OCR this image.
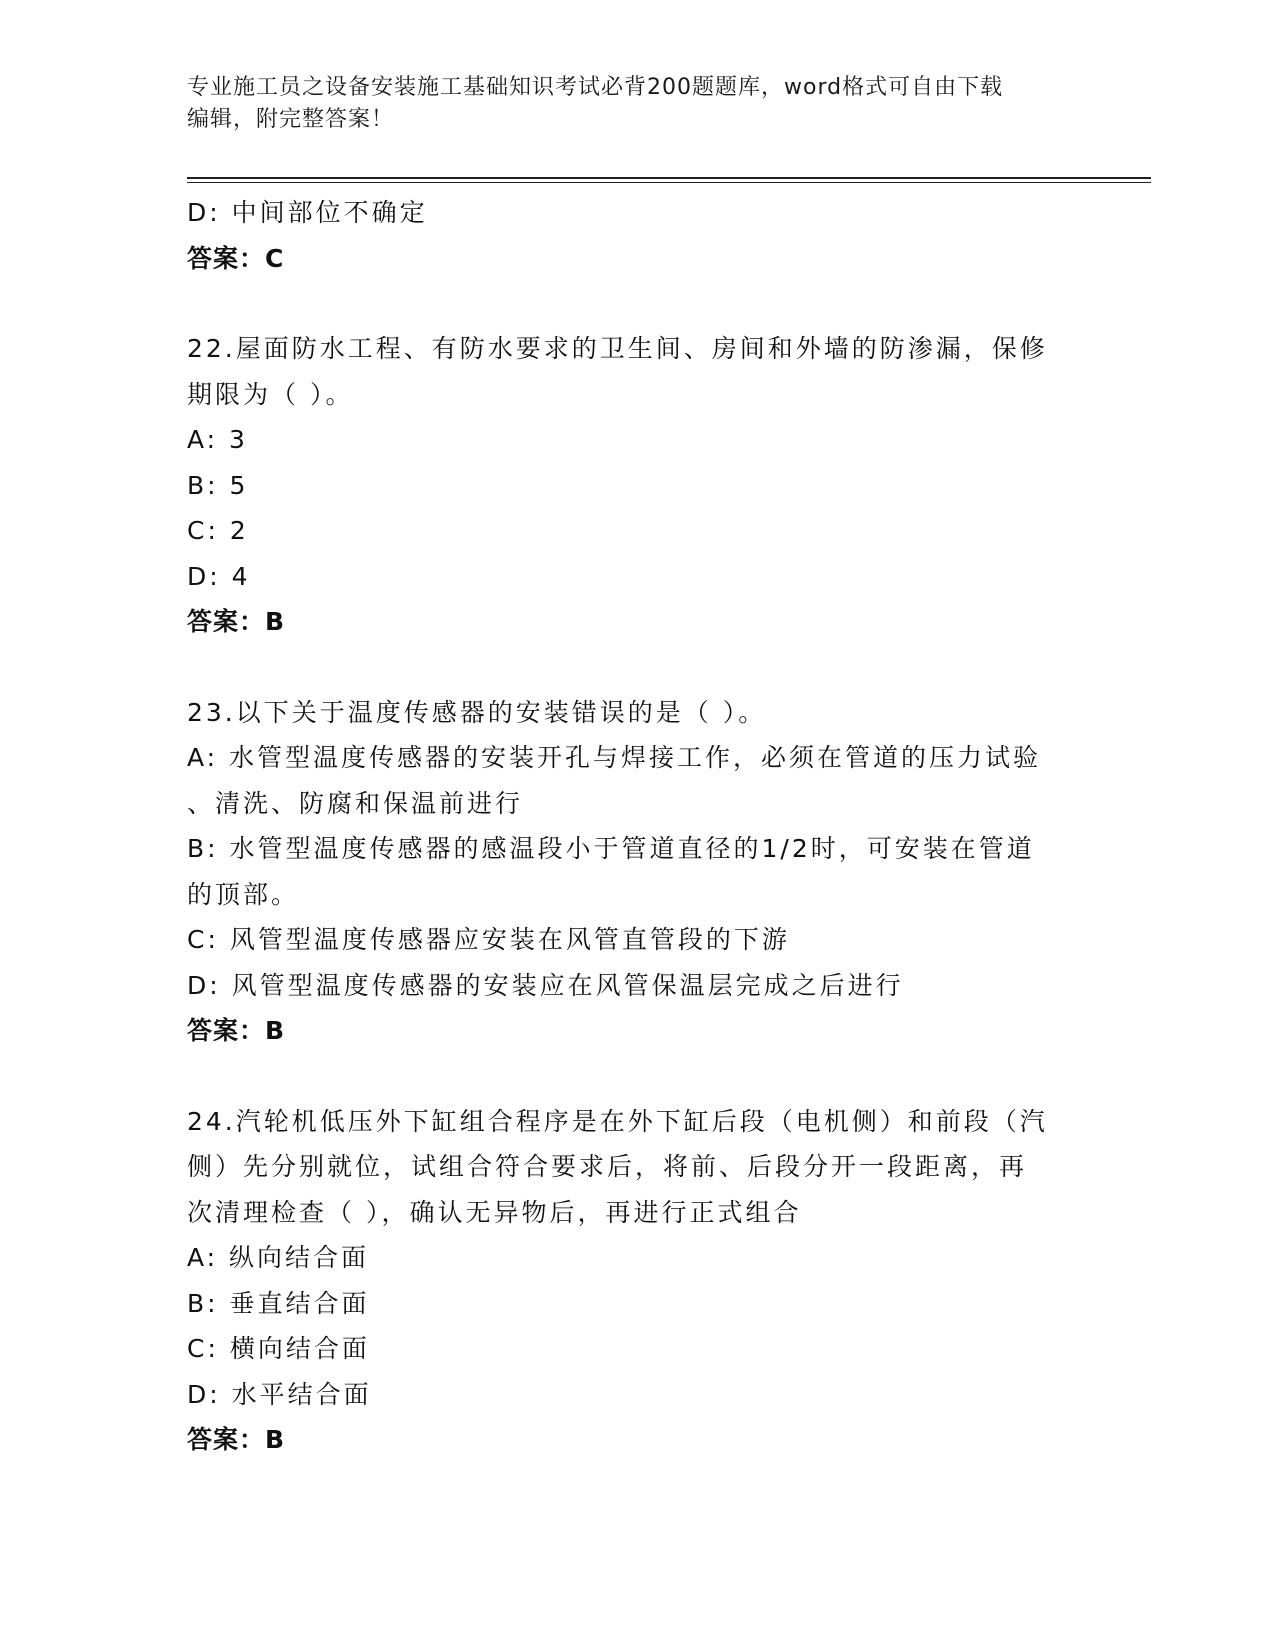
专业施工员之设备安装施工基础知识考试必背200题题库，word格式可自由下载
编辑，附完整答案！
D: 中间部位不确定
答案：C
22.屋面防水工程、有防水要求的卫生间、房间和外墙的防渗漏，保修
期限为（ ）。
A: 3
B: 5
C: 2
D: 4
答案：B
23.以下关于温度传感器的安装错误的是（ ）。
A: 水管型温度传感器的安装开孔与焊接工作，必须在管道的压力试验
、清洗、防腐和保温前进行
B: 水管型温度传感器的感温段小于管道直径的1/2时，可安装在管道
的顶部。
C: 风管型温度传感器应安装在风管直管段的下游
D: 风管型温度传感器的安装应在风管保温层完成之后进行
答案：B
24.汽轮机低压外下缸组合程序是在外下缸后段（电机侧）和前段（汽
侧）先分别就位，试组合符合要求后，将前、后段分开一段距离，再
次清理检查（ ），确认无异物后，再进行正式组合
A: 纵向结合面
B: 垂直结合面
C: 横向结合面
D: 水平结合面
答案：B
